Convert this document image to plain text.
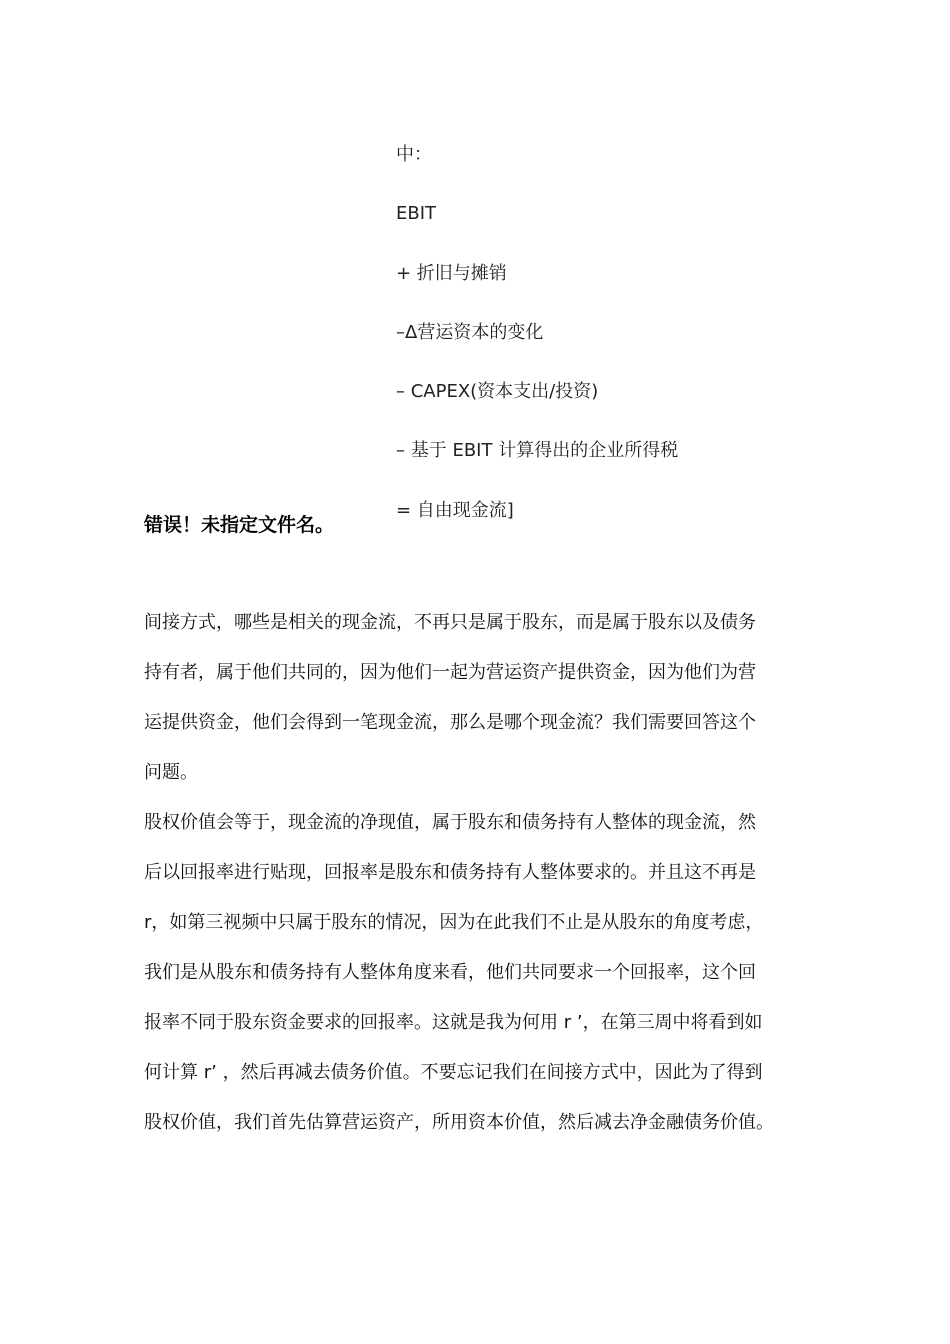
中：
EBIT
+ 折旧与摊销
–Δ营运资本的变化
– CAPEX(资本支出/投资)
– 基于 EBIT 计算得出的企业所得税
= 自由现金流]
错误！未指定文件名。
间接方式，哪些是相关的现金流，不再只是属于股东，而是属于股东以及债务
持有者，属于他们共同的，因为他们一起为营运资产提供资金，因为他们为营
运提供资金，他们会得到一笔现金流，那么是哪个现金流？我们需要回答这个
问题。
股权价值会等于，现金流的净现值，属于股东和债务持有人整体的现金流，然
后以回报率进行贴现，回报率是股东和债务持有人整体要求的。并且这不再是
r，如第三视频中只属于股东的情况，因为在此我们不止是从股东的角度考虑，
我们是从股东和债务持有人整体角度来看，他们共同要求一个回报率，这个回
报率不同于股东资金要求的回报率。这就是我为何用 r ’，在第三周中将看到如
何计算 r’ ，然后再减去债务价值。不要忘记我们在间接方式中，因此为了得到
股权价值，我们首先估算营运资产，所用资本价值，然后减去净金融债务价值。
